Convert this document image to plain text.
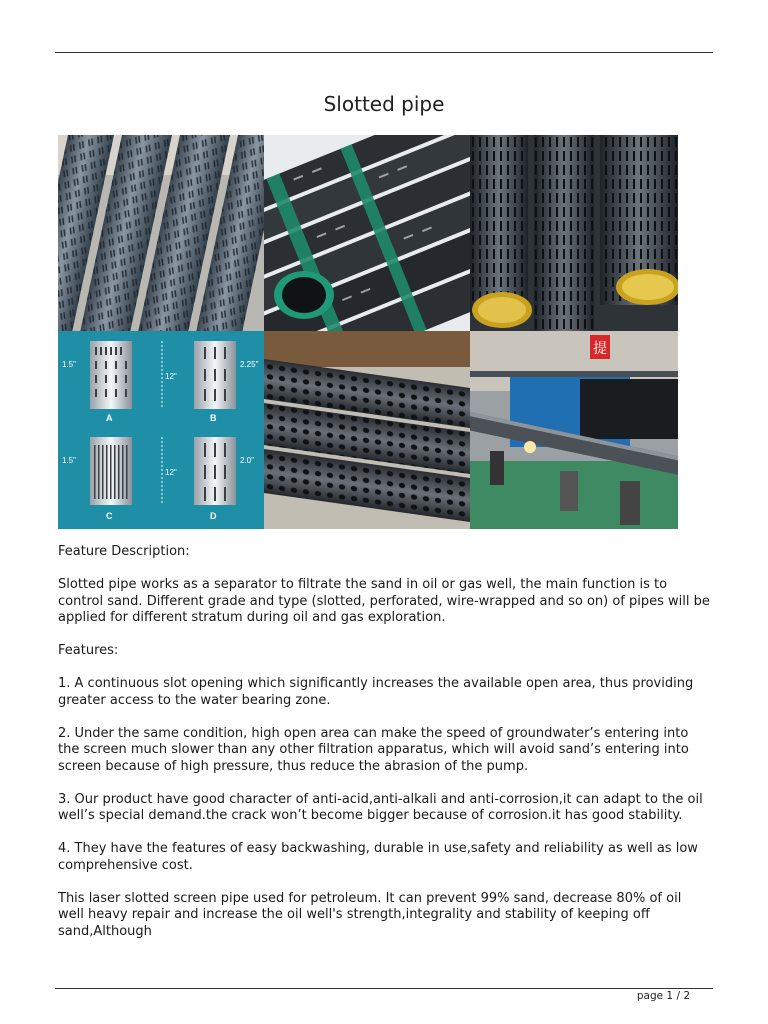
Slotted pipe
1.5"
12"
A
2.25"
B
1.5"
12"
C
2.0"
D
提

Feature Description:

Slotted pipe works as a separator to filtrate the sand in oil or gas well, the main function is to control sand. Different grade and type (slotted, perforated, wire-wrapped and so on) of pipes will be applied for different stratum during oil and gas exploration.

Features:

1. A continuous slot opening which significantly increases the available open area, thus providing greater access to the water bearing zone.

2. Under the same condition, high open area can make the speed of groundwater’s entering into the screen much slower than any other filtration apparatus, which will avoid sand’s entering into screen because of high pressure, thus reduce the abrasion of the pump.

3. Our product have good character of anti-acid,anti-alkali and anti-corrosion,it can adapt to the oil well’s special demand.the crack won’t become bigger because of corrosion.it has good stability.

4. They have the features of easy backwashing, durable in use,safety and reliability as well as low comprehensive cost.

This laser slotted screen pipe used for petroleum. It can prevent 99% sand, decrease 80% of oil well heavy repair and increase the oil well's strength,integrality and stability of keeping off sand,Although

page 1 / 2
